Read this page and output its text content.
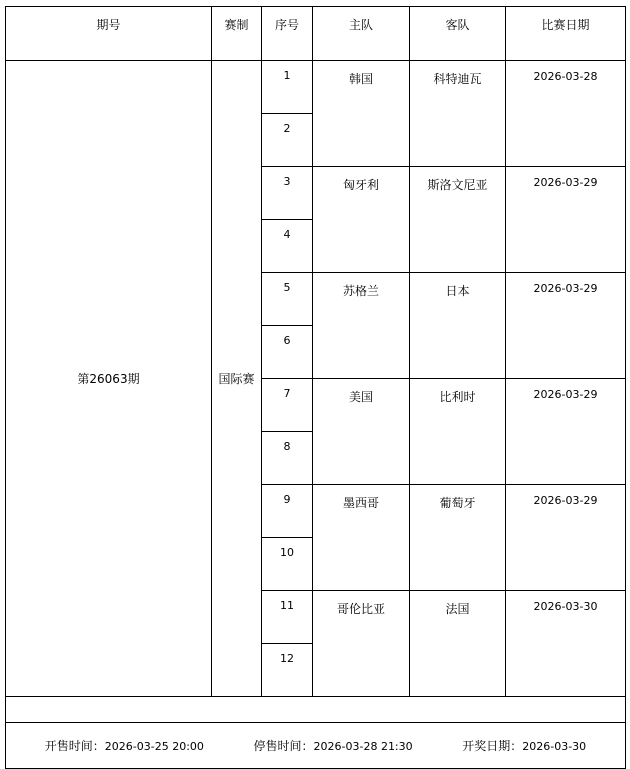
期号	赛制	序号	主队	客队	比赛日期
第26063期	国际赛	1	韩国	科特迪瓦	2026-03-28
		2			
		3	匈牙利	斯洛文尼亚	2026-03-29
		4			
		5	苏格兰	日本	2026-03-29
		6			
		7	美国	比利时	2026-03-29
		8			
		9	墨西哥	葡萄牙	2026-03-29
		10			
		11	哥伦比亚	法国	2026-03-30
		12			

开售时间：2026-03-25 20:00 停售时间：2026-03-28 21:30 开奖日期：2026-03-30					
